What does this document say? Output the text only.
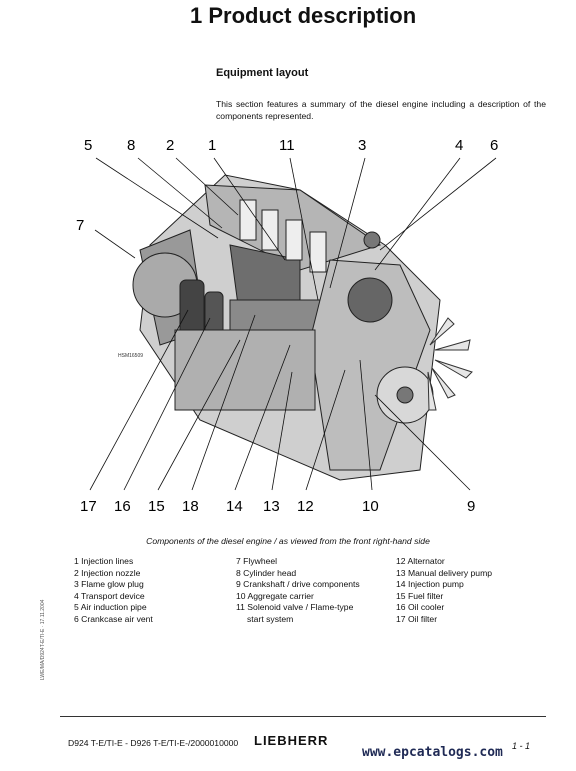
1 Product description
Equipment layout
This section features a summary of the diesel engine including a description of the components represented.
HSM16509
5 8 2 1	11	3	4 6
7
17 16 15 18 14 13 12	10	9
Components of the diesel engine / as viewed from the front right-hand side
1 Injection lines
2 Injection nozzle
3 Flame glow plug
4 Transport device
5 Air induction pipe
6 Crankcase air vent
7 Flywheel
8 Cylinder head
9 Crankshaft / drive components
10 Aggregate carrier
11 Solenoid valve / Flame-type
start system
12 Alternator
13 Manual delivery pump
14 Injection pump
15 Fuel filter
16 Oil cooler
17 Oil filter
LWE/MA/D924T-E/TI-E · 17.11.2004
D924 T-E/TI-E - D926 T-E/TI-E-/2000010000 LIEBHERR
www.epcatalogs.com 1 - 1
